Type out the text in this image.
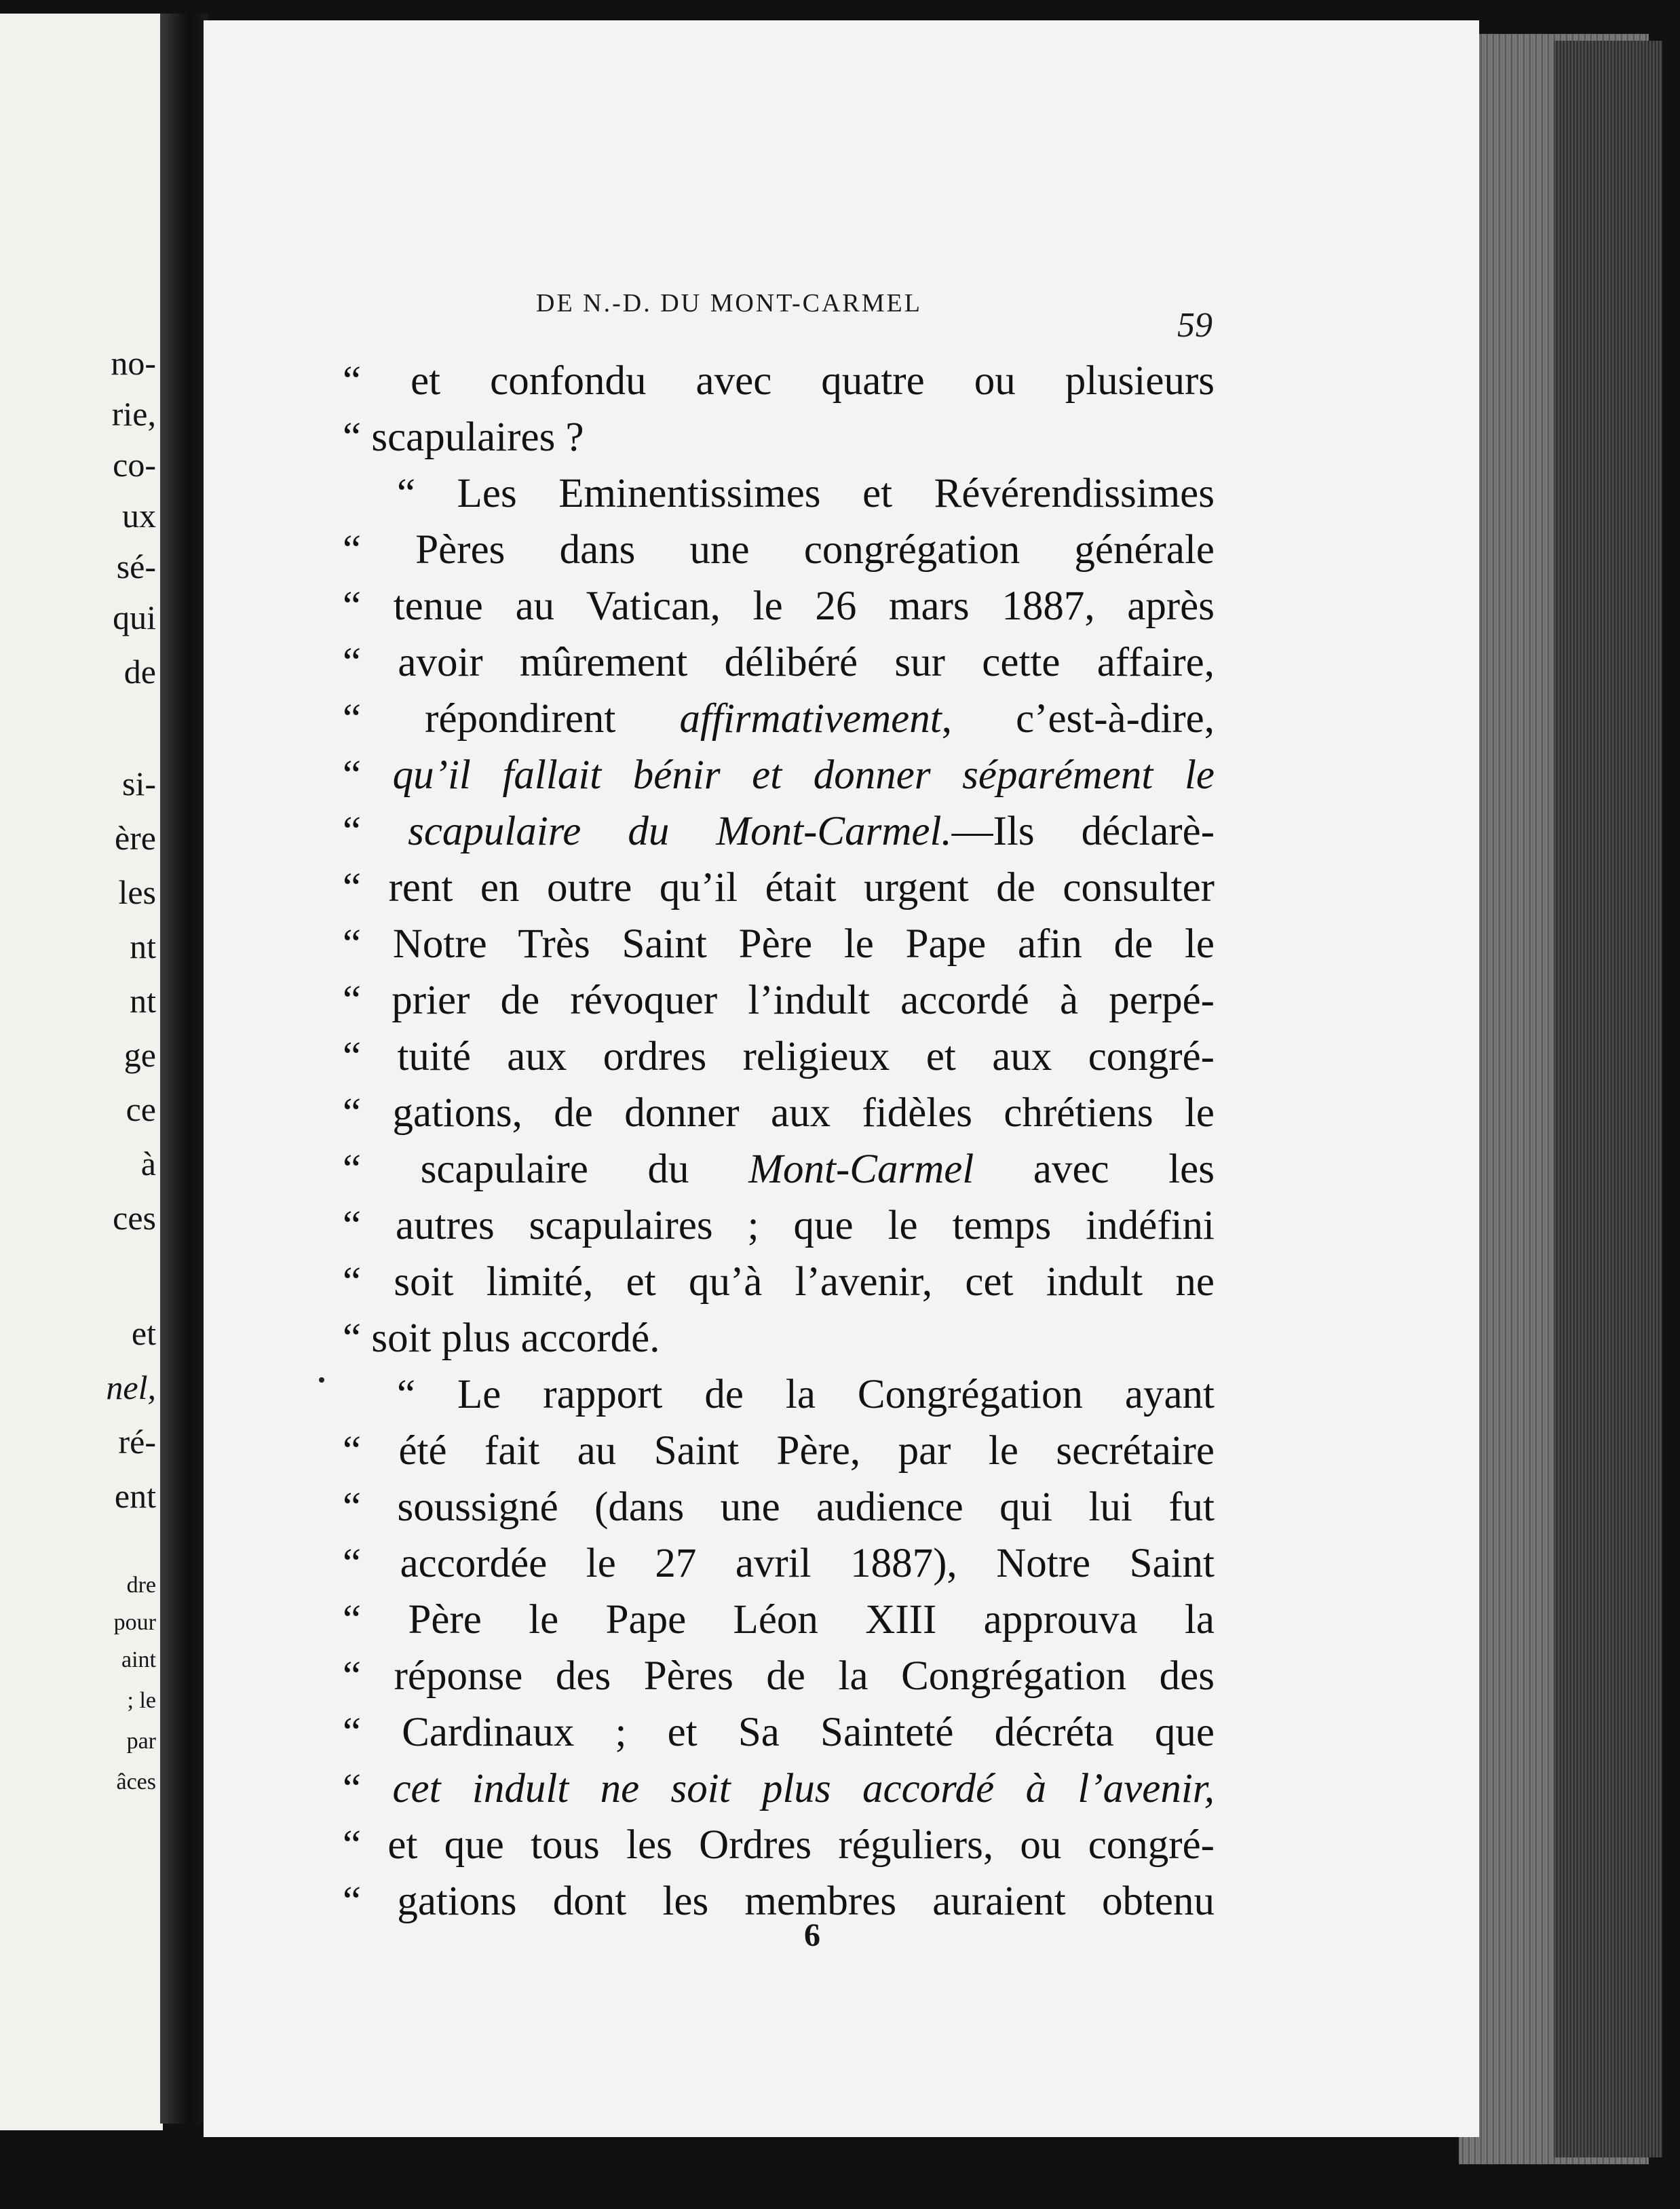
no-
rie,
co-
ux
sé-
qui
de
si-
ère
les
nt
nt
ge
ce
à
ces
et
nel,
ré-
ent
dre
pour
aint
; le
par
âces
DE N.-D. DU MONT-CARMEL
59
“ et confondu avec quatre ou plusieurs
“ scapulaires ?
“ Les Eminentissimes et Révérendissimes
“ Pères dans une congrégation générale
“ tenue au Vatican, le 26 mars 1887, après
“ avoir mûrement délibéré sur cette affaire,
“ répondirent affirmativement, c’est-à-dire,
“ qu’il fallait bénir et donner séparément le
“ scapulaire du Mont-Carmel.—Ils déclarè-
“ rent en outre qu’il était urgent de consulter
“ Notre Très Saint Père le Pape afin de le
“ prier de révoquer l’indult accordé à perpé-
“ tuité aux ordres religieux et aux congré-
“ gations, de donner aux fidèles chrétiens le
“ scapulaire du Mont-Carmel avec les
“ autres scapulaires ; que le temps indéfini
“ soit limité, et qu’à l’avenir, cet indult ne
“ soit plus accordé.
“ Le rapport de la Congrégation ayant
“ été fait au Saint Père, par le secrétaire
“ soussigné (dans une audience qui lui fut
“ accordée le 27 avril 1887), Notre Saint
“ Père le Pape Léon XIII approuva la
“ réponse des Pères de la Congrégation des
“ Cardinaux ; et Sa Sainteté décréta que
“ cet indult ne soit plus accordé à l’avenir,
“ et que tous les Ordres réguliers, ou congré-
“ gations dont les membres auraient obtenu
6
